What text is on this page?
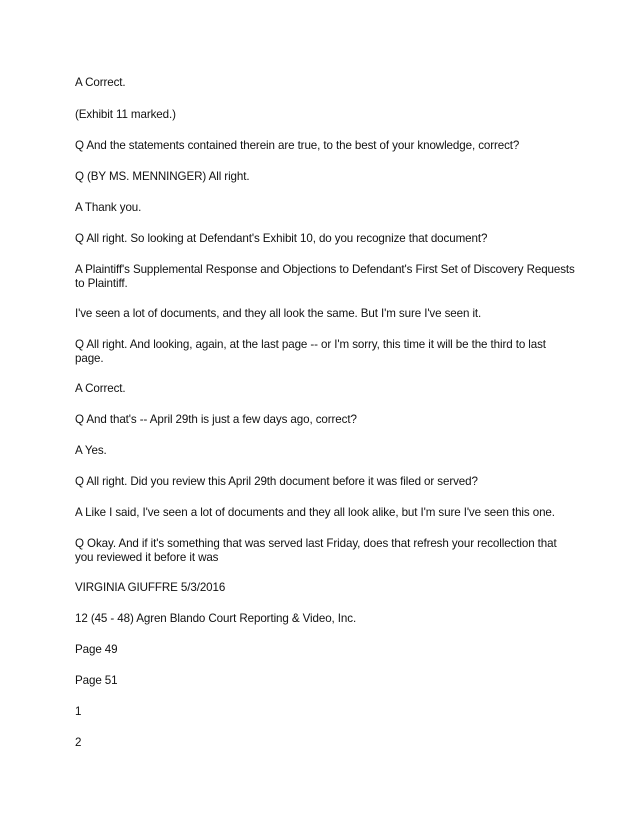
A Correct.

(Exhibit 11 marked.)

Q And the statements contained therein are true, to the best of your knowledge, correct?

Q (BY MS. MENNINGER) All right.

A Thank you.

Q All right. So looking at Defendant's Exhibit 10, do you recognize that document?

A Plaintiff's Supplemental Response and Objections to Defendant's First Set of Discovery Requests to Plaintiff.

I've seen a lot of documents, and they all look the same. But I'm sure I've seen it.

Q All right. And looking, again, at the last page -- or I'm sorry, this time it will be the third to last page.

A Correct.

Q And that's -- April 29th is just a few days ago, correct?

A Yes.

Q All right. Did you review this April 29th document before it was filed or served?

A Like I said, I've seen a lot of documents and they all look alike, but I'm sure I've seen this one.

Q Okay. And if it's something that was served last Friday, does that refresh your recollection that you reviewed it before it was

VIRGINIA GIUFFRE 5/3/2016

12 (45 - 48) Agren Blando Court Reporting & Video, Inc.

Page 49

Page 51

1

2
